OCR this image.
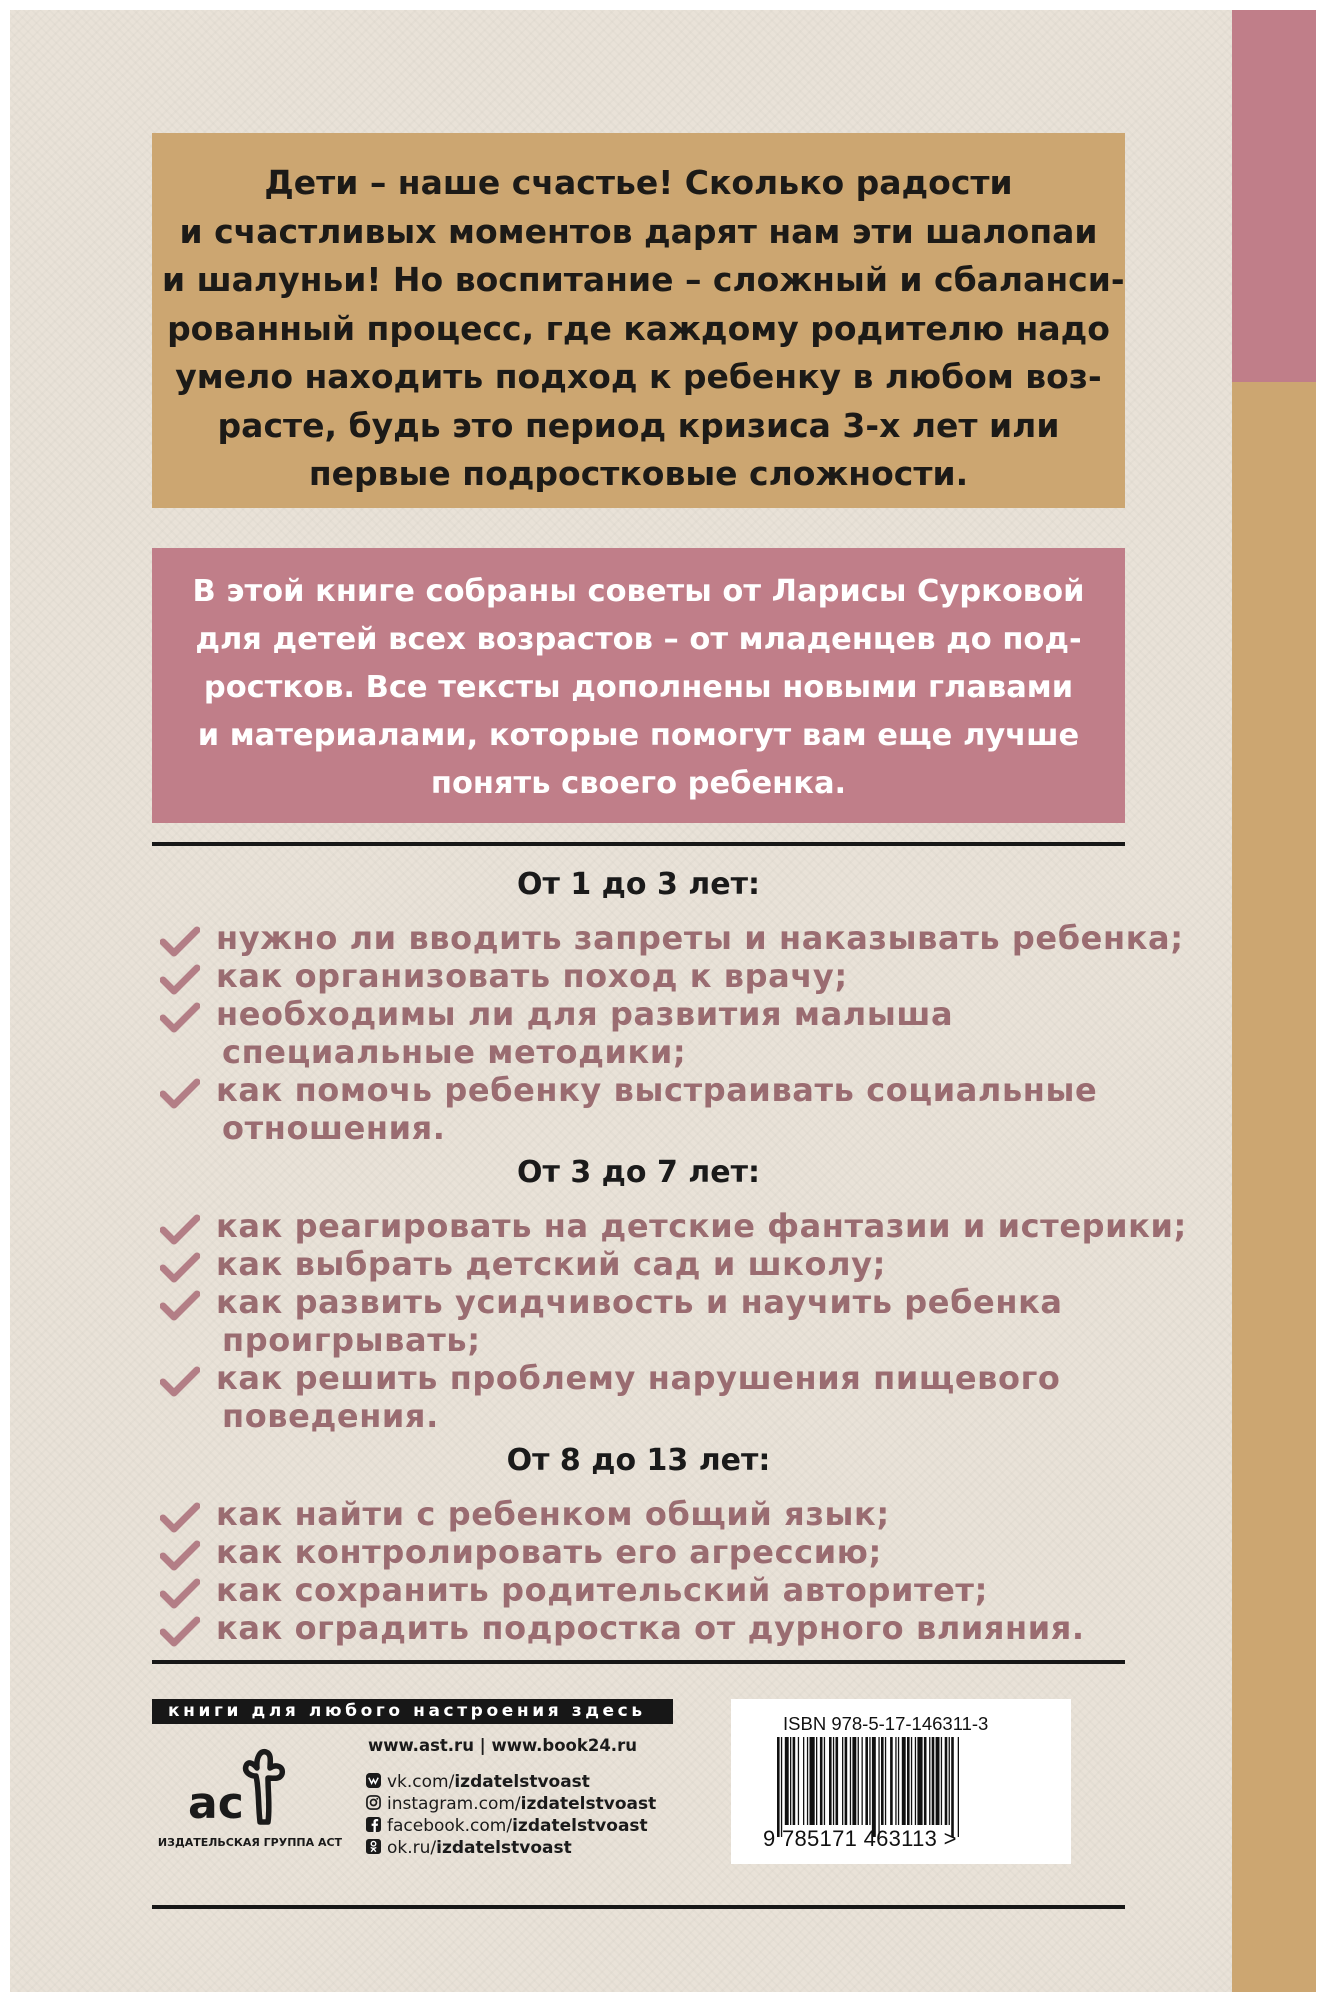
Дети – наше счастье! Сколько радости
и счастливых моментов дарят нам эти шалопаи
и шалуньи! Но воспитание – сложный и сбаланси-
рованный процесс, где каждому родителю надо
умело находить подход к ребенку в любом воз-
расте, будь это период кризиса 3-х лет или
первые подростковые сложности.
В этой книге собраны советы от Ларисы Сурковой
для детей всех возрастов – от младенцев до под-
ростков. Все тексты дополнены новыми главами
и материалами, которые помогут вам еще лучше
понять своего ребенка.
От 1 до 3 лет:
нужно ли вводить запреты и наказывать ребенка;
как организовать поход к врачу;
необходимы ли для развития малыша
специальные методики;
как помочь ребенку выстраивать социальные
отношения.
От 3 до 7 лет:
как реагировать на детские фантазии и истерики;
как выбрать детский сад и школу;
как развить усидчивость и научить ребенка
проигрывать;
как решить проблему нарушения пищевого
поведения.
От 8 до 13 лет:
как найти с ребенком общий язык;
как контролировать его агрессию;
как сохранить родительский авторитет;
как оградить подростка от дурного влияния.
книги для любого настроения здесь
ac
ИЗДАТЕЛЬСКАЯ ГРУППА АСТ
www.ast.ru | www.book24.ru
vk.com/izdatelstvoast
instagram.com/izdatelstvoast
facebook.com/izdatelstvoast
ok.ru/izdatelstvoast
ISBN 978-5-17-146311-3
9 785171 463113 >
